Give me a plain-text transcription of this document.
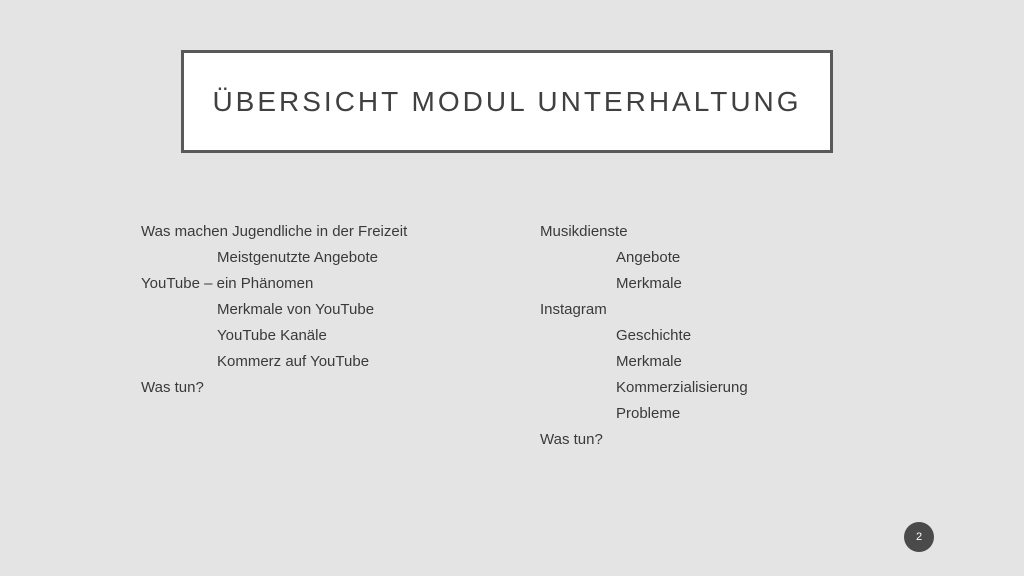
ÜBERSICHT MODUL UNTERHALTUNG
Was machen Jugendliche in der Freizeit
Meistgenutzte Angebote
YouTube – ein Phänomen
Merkmale von YouTube
YouTube Kanäle
Kommerz auf YouTube
Was tun?
Musikdienste
Angebote
Merkmale
Instagram
Geschichte
Merkmale
Kommerzialisierung
Probleme
Was tun?
2
